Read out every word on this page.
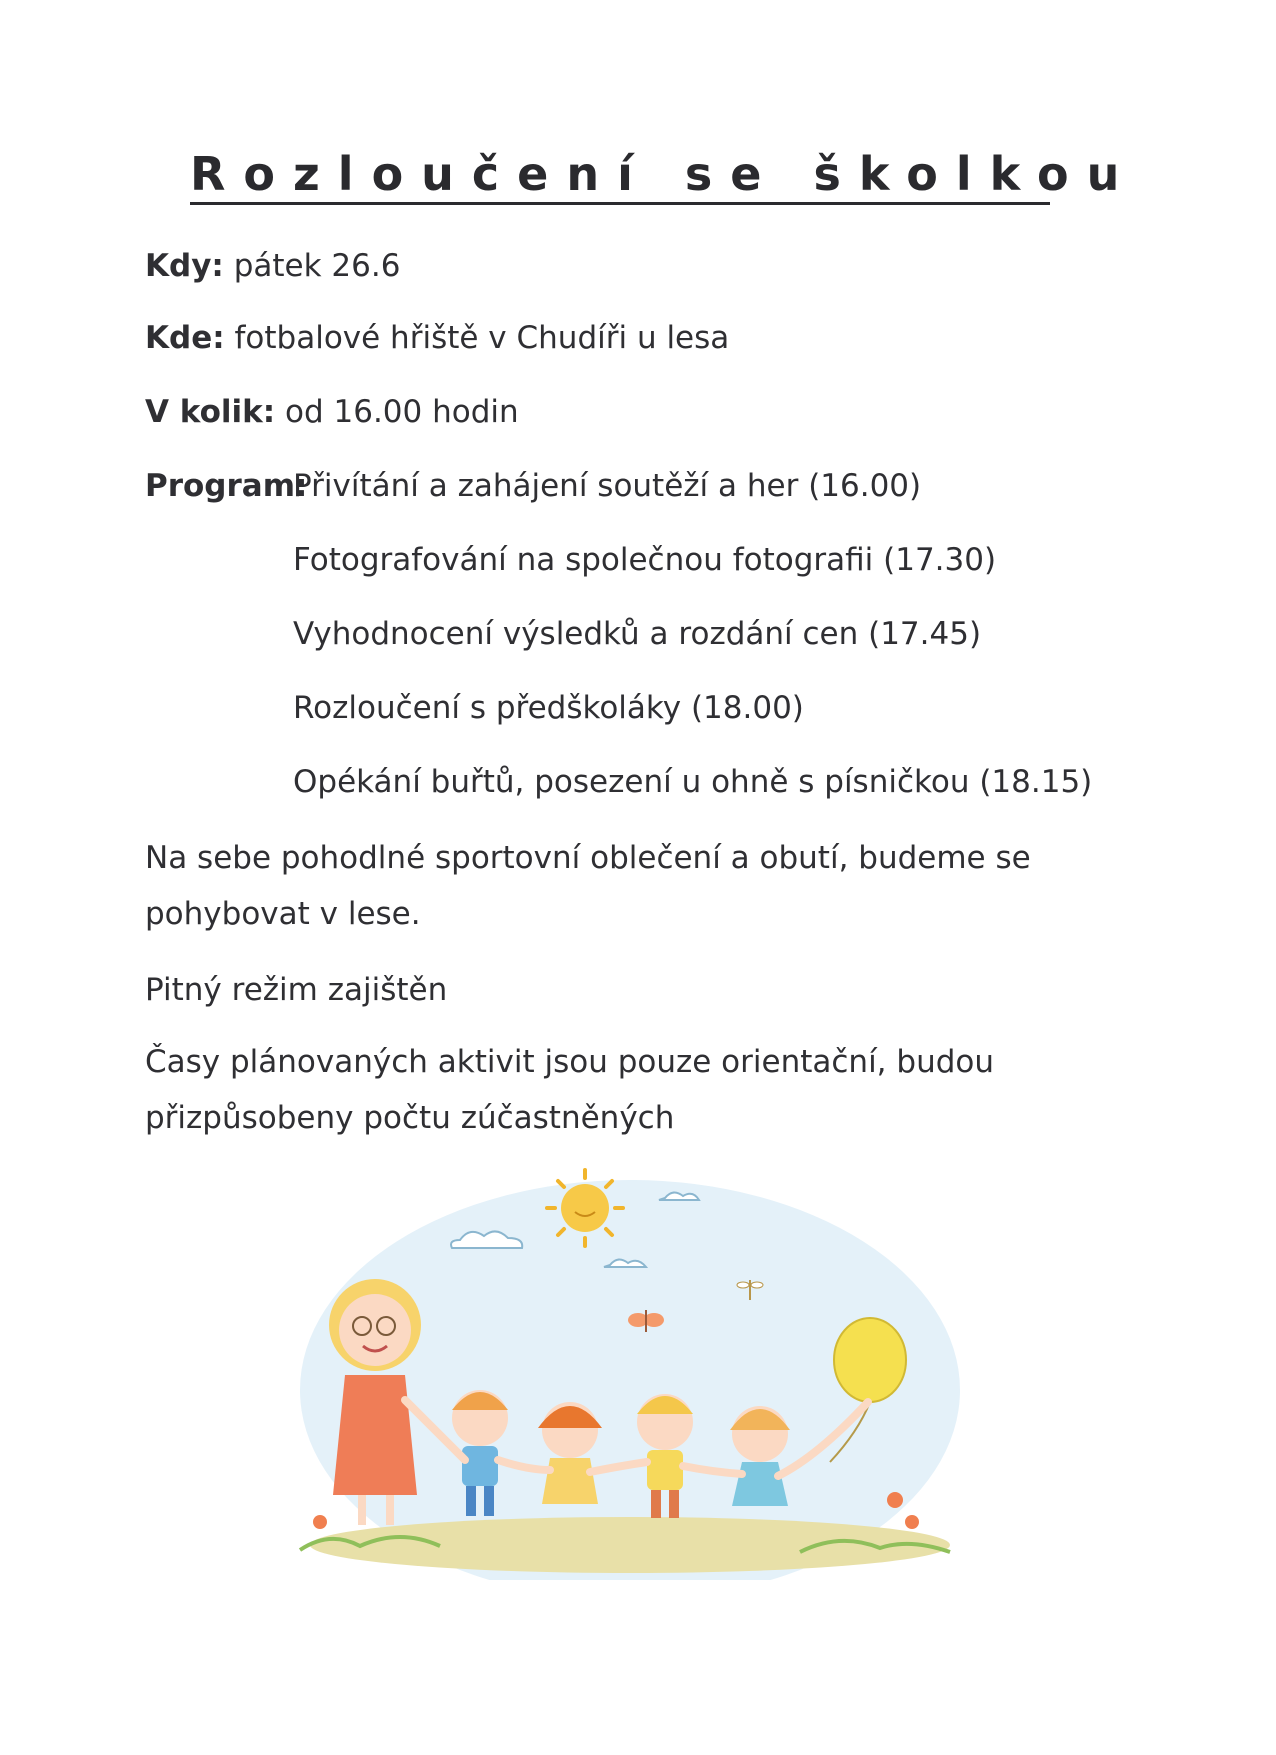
Rozloučení se školkou
Kdy: pátek 26.6
Kde: fotbalové hřiště v Chudíři u lesa
V kolik: od 16.00 hodin
Program:
Přivítání a zahájení soutěží a her (16.00)
Fotografování na společnou fotografii (17.30)
Vyhodnocení výsledků a rozdání cen (17.45)
Rozloučení s předškoláky (18.00)
Opékání buřtů, posezení u ohně s písničkou (18.15)
Na sebe pohodlné sportovní oblečení a obutí, budeme se
pohybovat v lese.
Pitný režim zajištěn
Časy plánovaných aktivit jsou pouze orientační, budou
přizpůsobeny počtu zúčastněných
